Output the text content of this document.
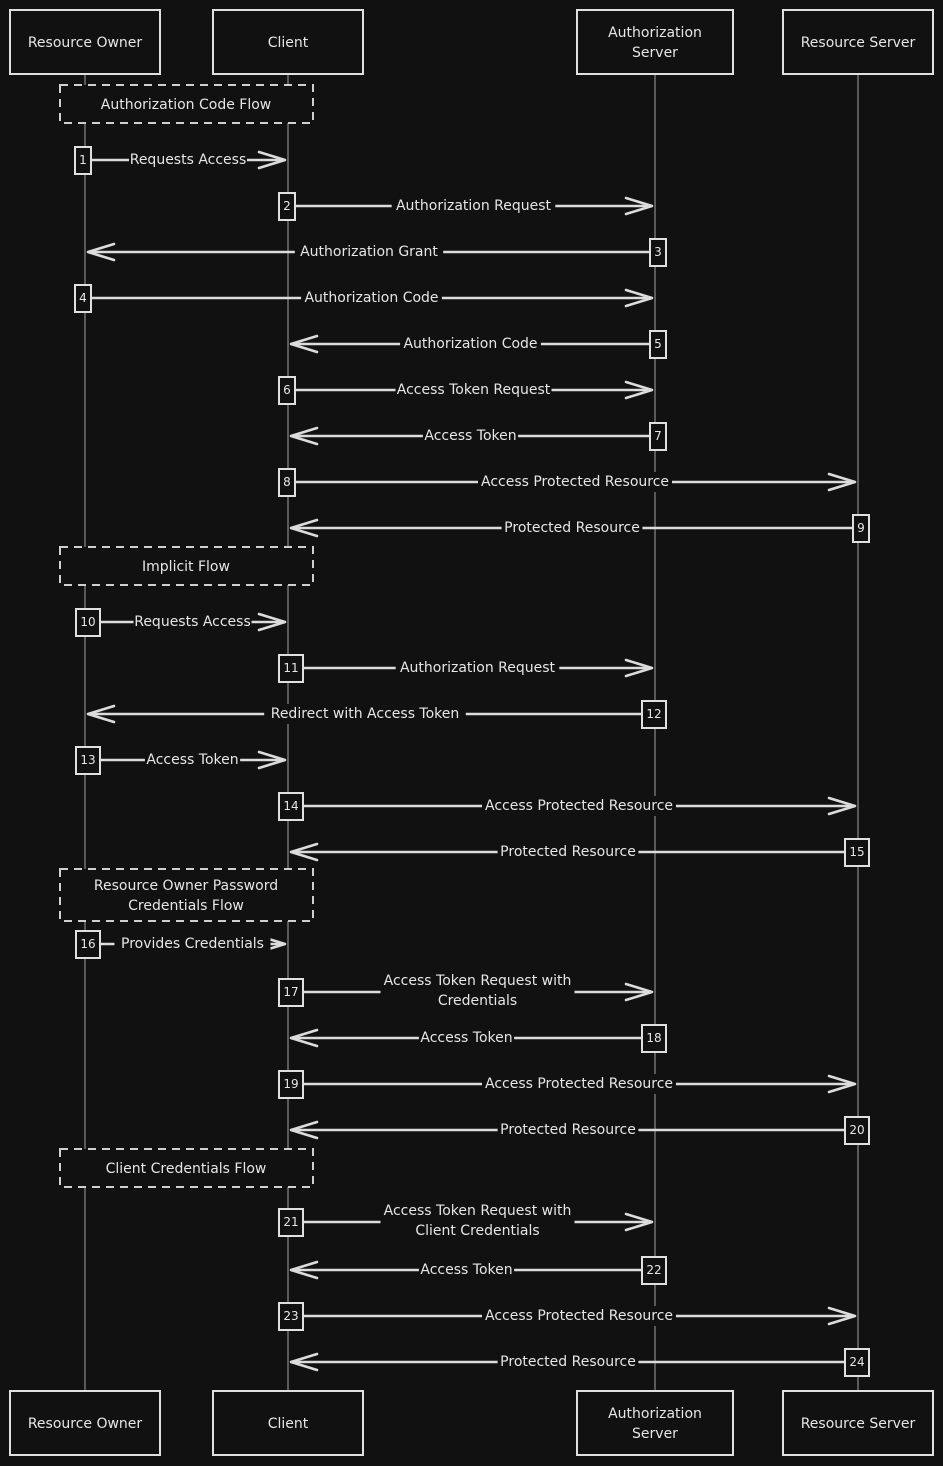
Resource Owner
Resource Owner
Client
Client
Authorization
Server
Authorization
Server
Resource Server
Resource Server
Authorization Code Flow
Implicit Flow
Resource Owner Password
Credentials Flow
Client Credentials Flow
Requests Access
1
Authorization Request
2
Authorization Grant	3
Authorization Code
4
Authorization Code	5
Access Token Request
6
Access Token	7
Access Protected Resource
8
Protected Resource	9
Requests Access
10
Authorization Request
11
Redirect with Access Token	12
Access Token
13
Access Protected Resource
14
Protected Resource	15
Provides Credentials
16
Access Token Request with
Credentials
17
Access Token	18
Access Protected Resource
19
Protected Resource	20
Access Token Request with
Client Credentials
21
Access Token	22
Access Protected Resource
23
Protected Resource	24
